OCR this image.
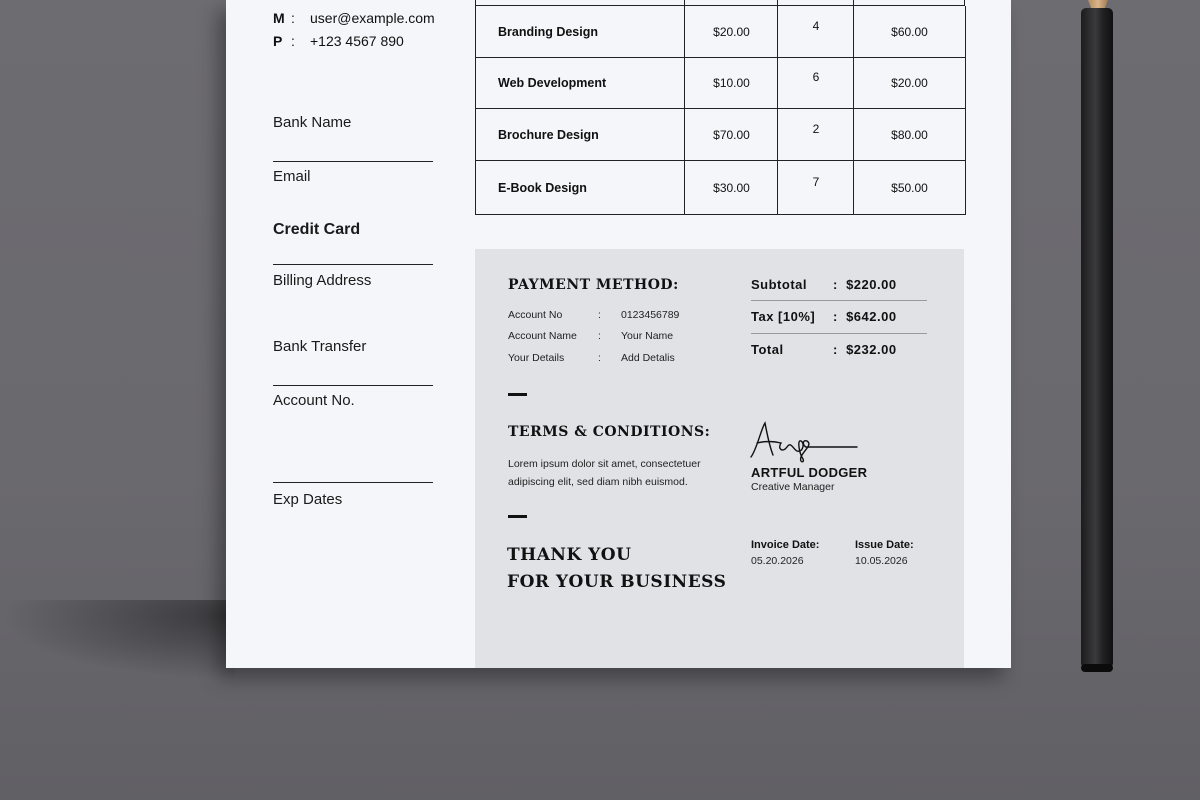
M : user@example.com
P : +123 4567 890
Bank Name
Email
Credit Card
Billing Address
Bank Transfer
Account No.
Exp Dates
Branding Design	$20.00	4	$60.00
Web Development	$10.00	6	$20.00
Brochure Design	$70.00	2	$80.00
E-Book Design	$30.00	7	$50.00
PAYMENT METHOD:
Account No	: 0123456789
Account Name : Your Name
Your Details	: Add Detalis
TERMS & CONDITIONS:
Lorem ipsum dolor sit amet, consectetuer
adipiscing elit, sed diam nibh euismod.
THANK YOU
FOR YOUR BUSINESS
Subtotal : $220.00
Tax [10%] : $642.00
Total	: $232.00
ARTFUL DODGER
Creative Manager
Invoice Date:
05.20.2026
Issue Date:
10.05.2026
